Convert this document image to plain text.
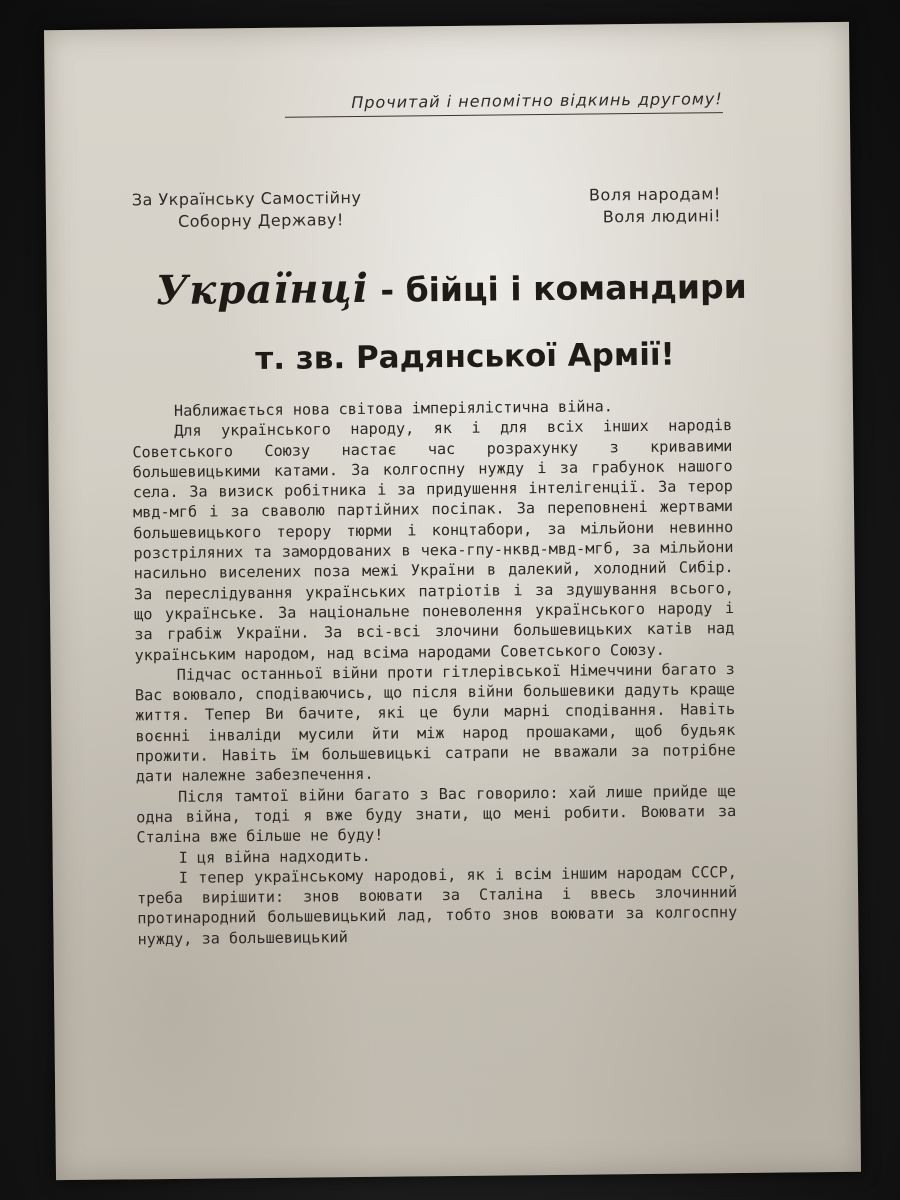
Прочитай і непомітно відкинь другому!
За Українську Самостійну
Соборну Державу!
Воля народам!
Воля людині!
Українці - бійці і командири
т. зв. Радянської Армії!

Наближається нова світова імперіялістична війна.

Для українського народу, як і для всіх інших народів Советського Союзу настає час розрахунку з кривавими большевицькими катами. За колгоспну нужду і за грабунок нашого села. За визиск робітника і за придушення інтелігенції. За терор мвд-мгб і за сваволю партійних посіпак. За переповнені жертвами большевицького терору тюрми і концтабори, за мільйони невинно розстріляних та замордованих в чека-гпу-нквд-мвд-мгб, за мільйони насильно виселених поза межі України в далекий, холодний Сибір. За переслідування українських патріотів і за здушування всього, що українське. За національне поневолення українського народу і за грабіж України. За всі-всі злочини большевицьких катів над українським народом, над всіма народами Советського Союзу.

Підчас останньої війни проти гітлерівської Німеччини багато з Вас воювало, сподіваючись, що після війни большевики дадуть краще життя. Тепер Ви бачите, які це були марні сподівання. Навіть воєнні інваліди мусили йти між народ прошаками, щоб будьяк прожити. Навіть їм большевицькі сатрапи не вважали за потрібне дати належне забезпечення.

Після тамтої війни багато з Вас говорило: хай лише прийде ще одна війна, тоді я вже буду знати, що мені робити. Воювати за Сталіна вже більше не буду!

І ця війна надходить.

І тепер українському народові, як і всім іншим народам СССР, треба вирішити: знов воювати за Сталіна і ввесь злочинний протинародний большевицький лад, тобто знов воювати за колгоспну нужду, за большевицький
